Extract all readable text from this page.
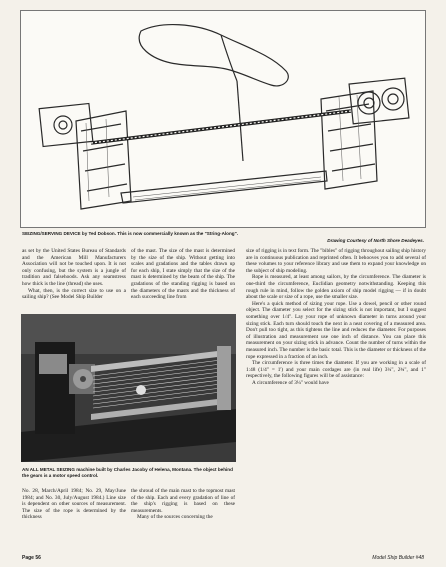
SEIZING/SERVING DEVICE by Ted Dobson. This is now commercially known as the "String-Along".
Drawing Courtesy of North Shore Deadeyes.

as set by the United States Bureau of Standards and the American Mill Manufacturers Association will not be touched upon. It is not only confusing, but the system is a jungle of tradition and falsehoods. Ask any seamstress how thick is the line (thread) she uses.

What, then, is the correct size to use on a sailing ship? (See Model Ship Builder

of the mast. The size of the mast is determined by the size of the ship. Without getting into scales and gradations and the tables drawn up for each ship, I state simply that the size of the mast is determined by the beam of the ship. The gradations of the standing rigging is based on the diameters of the masts and the thickness of each succeeding line from

size of rigging is in text form. The "bibles" of rigging throughout sailing ship history are in continuous publication and reprinted often. It behooves you to add several of these volumes to your reference library and use them to expand your knowledge on the subject of ship modeling.

Rope is measured, at least among sailors, by the circumference. The diameter is one-third the circumference, Euclidian geometry notwithstanding. Keeping this rough rule in mind, follow the golden axiom of ship model rigging — if in doubt about the scale or size of a rope, use the smaller size.

Here's a quick method of sizing your rope. Use a dowel, pencil or other round object. The diameter you select for the sizing stick is not important, but I suggest something over 1/4". Lay your rope of unknown diameter in turns around your sizing stick. Each turn should touch the next in a neat covering of a measured area. Don't pull too tight, as this tightens the line and reduces the diameter. For purposes of illustration and measurement use one inch of distance. You can place this measurement on your sizing stick in advance. Count the number of turns within the measured inch. The number is the basic total. This is the diameter or thickness of the rope expressed in a fraction of an inch.

The circumference is three times the diameter. If you are working in a scale of 1:48 (1/4" = 1') and your main cordages are (in real life) 3¼", 2¾", and 1" respectively, the following figures will be of assistance:

A circumference of 3¼" would have

AN ALL METAL SEIZING machine built by Charles Jacoby of Helena, Montana. The object behind the gears is a motor speed control.

No. 28, March/April 1984; No. 29, May/June 1984; and No. 30, July/August 1984.) Line size is dependent on other sources of measurement. The size of the rope is determined by the thickness

the shroud of the main mast to the topmost mast of the ship. Each and every gradation of line of the ship's rigging is based on these measurements.

Many of the sources concerning the

Page 56	Model Ship Builder #48
